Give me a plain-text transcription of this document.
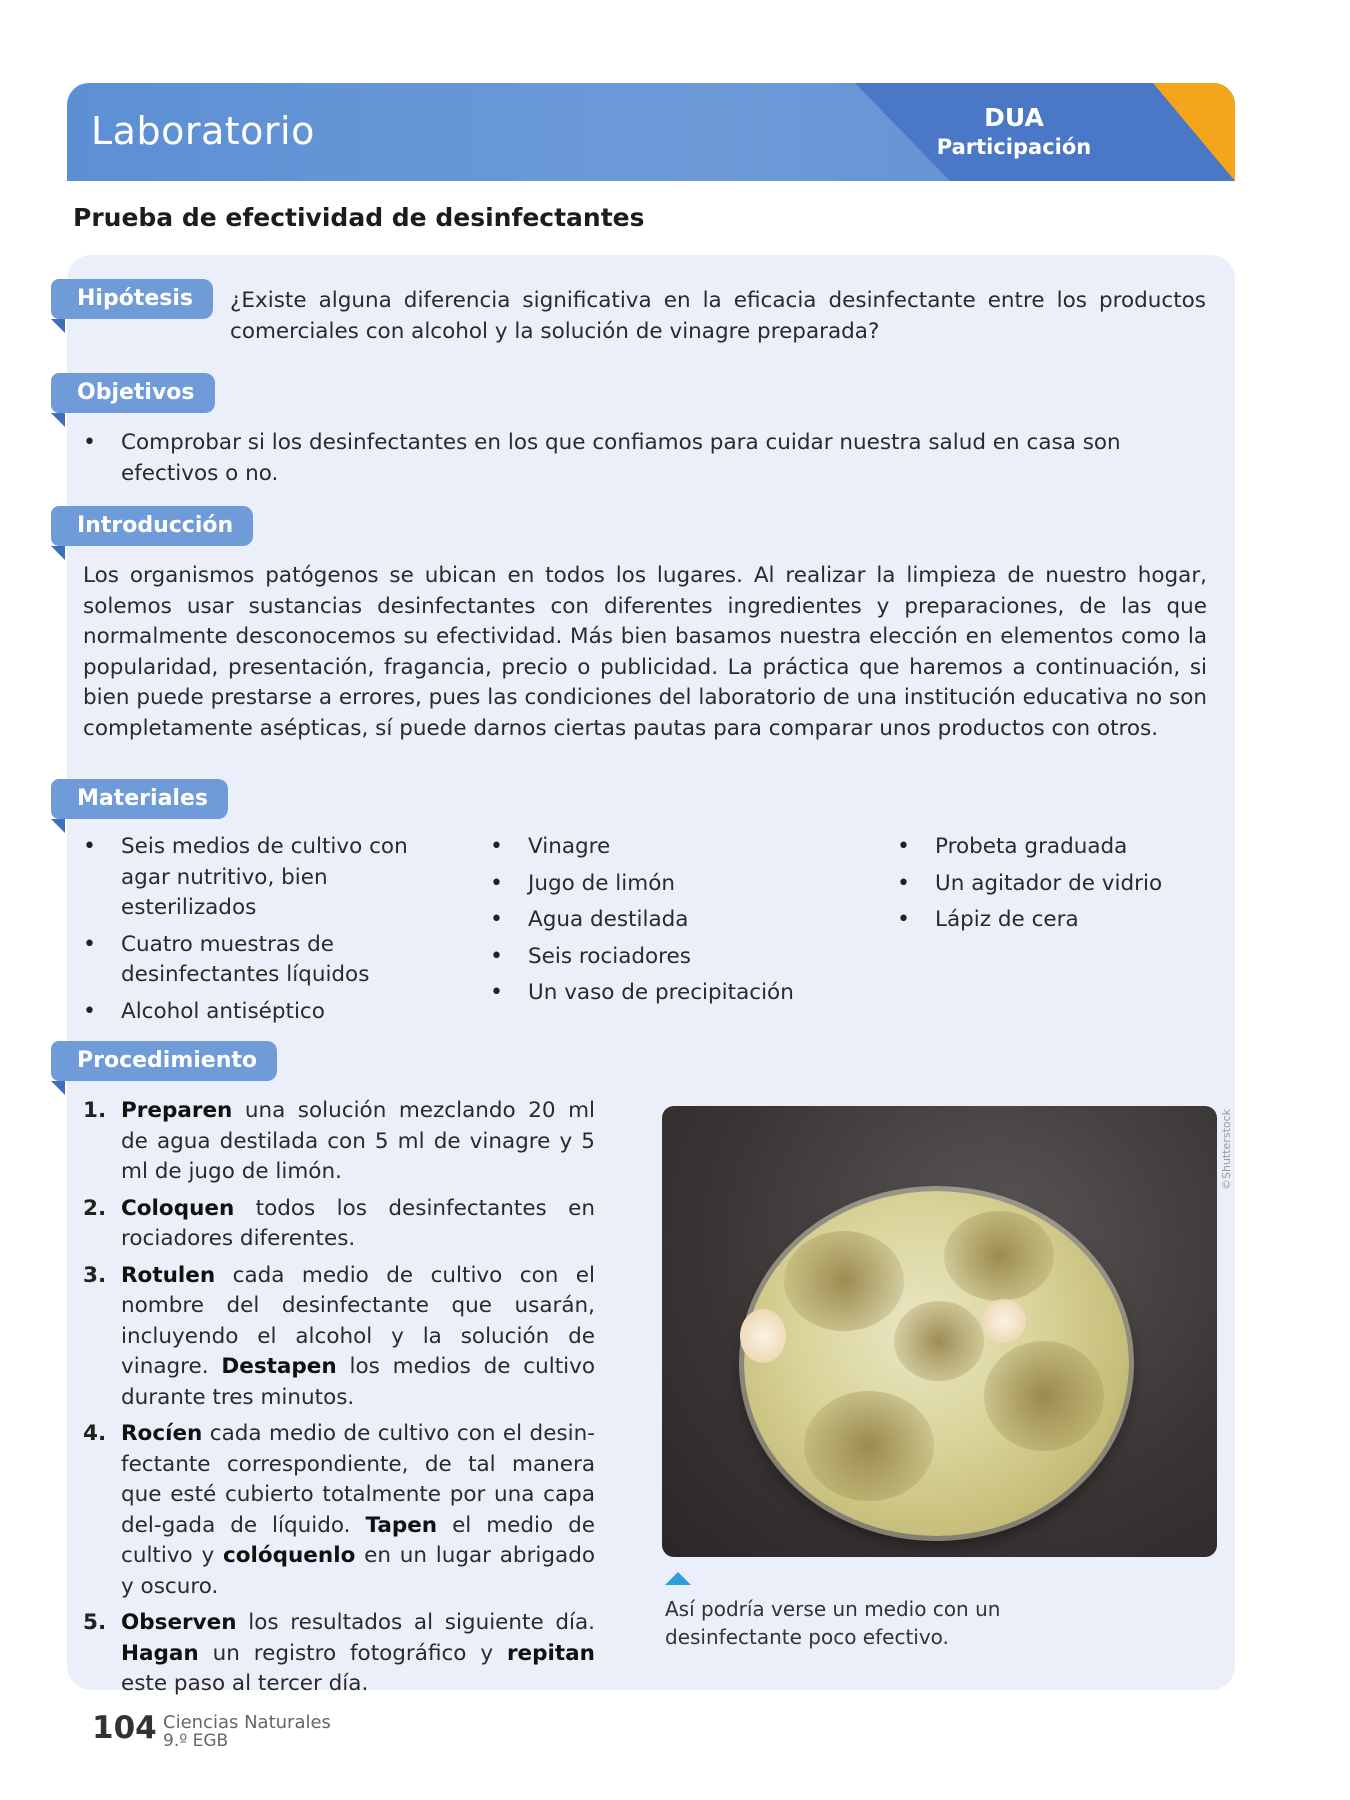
Laboratorio	DUA
Participación
Prueba de efectividad de desinfectantes
Hipótesis	¿Existe alguna diferencia significativa en la eficacia desinfectante entre los productos comerciales con alcohol y la solución de vinagre preparada?
Objetivos
• Comprobar si los desinfectantes en los que confiamos para cuidar nuestra salud en casa son efectivos o no.
Introducción
Los organismos patógenos se ubican en todos los lugares. Al realizar la limpieza de nuestro hogar, solemos usar sustancias desinfectantes con diferentes ingredientes y preparaciones, de las que normalmente desconocemos su efectividad. Más bien basamos nuestra elección en elementos como la popularidad, presentación, fragancia, precio o publicidad. La práctica que haremos a continuación, si bien puede prestarse a errores, pues las condiciones del laboratorio de una institución educativa no son completamente asépticas, sí puede darnos ciertas pautas para comparar unos productos con otros.
Materiales
• Seis medios de cultivo con agar nutritivo, bien esterilizados
• Cuatro muestras de desinfectantes líquidos
• Alcohol antiséptico
• Vinagre
• Jugo de limón
• Agua destilada
• Seis rociadores
• Un vaso de precipitación
• Probeta graduada
• Un agitador de vidrio
• Lápiz de cera
Procedimiento
1. Preparen una solución mezclando 20 ml de agua destilada con 5 ml de vinagre y 5 ml de jugo de limón.
2. Coloquen todos los desinfectantes en rociadores diferentes.
3. Rotulen cada medio de cultivo con el nombre del desinfectante que usarán, incluyendo el alcohol y la solución de vinagre. Destapen los medios de cultivo durante tres minutos.
4. Rocíen cada medio de cultivo con el desin-fectante correspondiente, de tal manera que esté cubierto totalmente por una capa del-gada de líquido. Tapen el medio de cultivo y colóquenlo en un lugar abrigado y oscuro.
5. Observen los resultados al siguiente día. Hagan un registro fotográfico y repitan este paso al tercer día.
©Shutterstock
Así podría verse un medio con un desinfectante poco efectivo.
104 Ciencias Naturales
9.º EGB
